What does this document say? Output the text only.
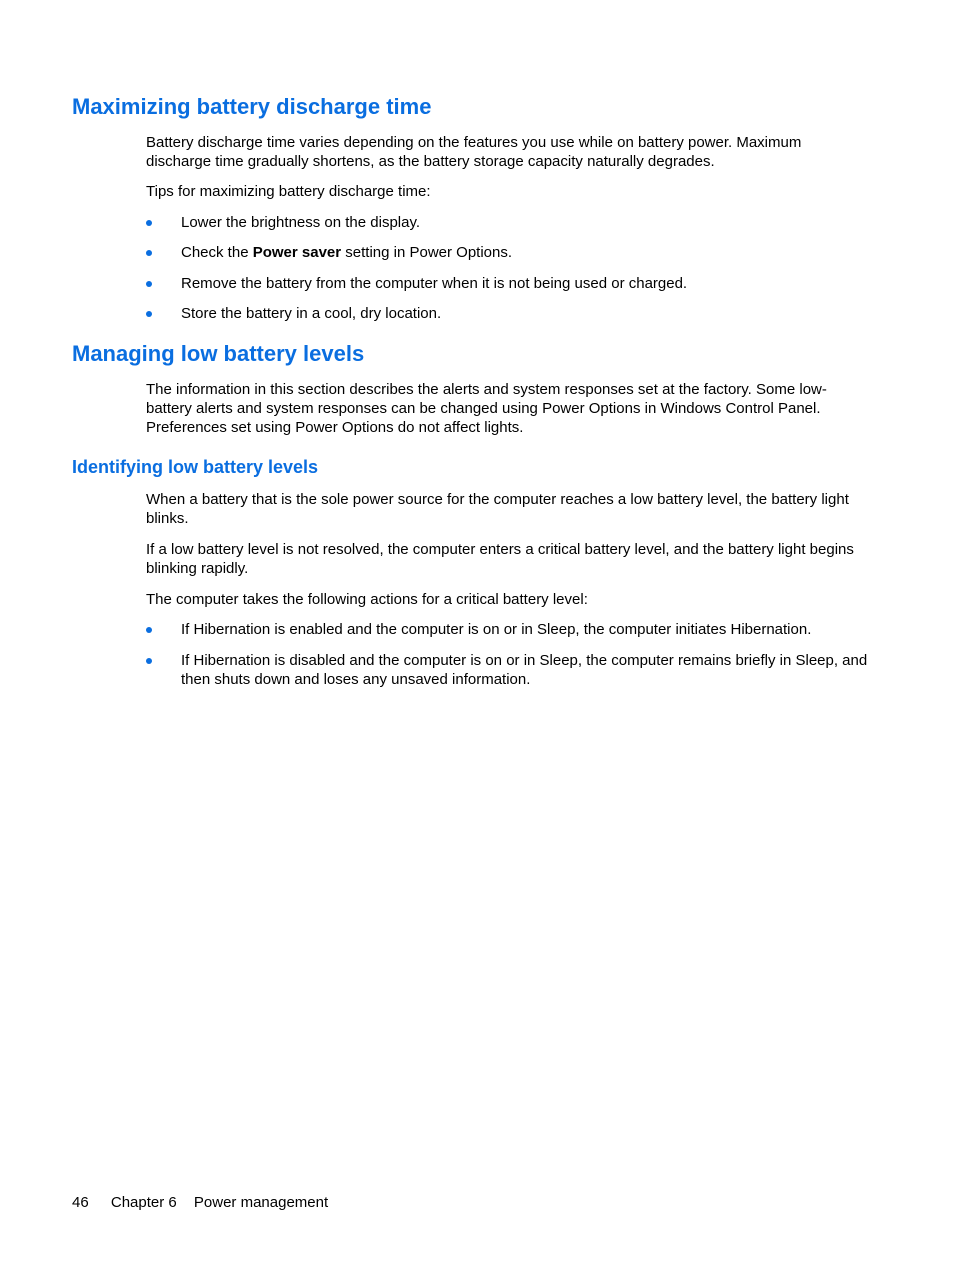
Maximizing battery discharge time

Battery discharge time varies depending on the features you use while on battery power. Maximum discharge time gradually shortens, as the battery storage capacity naturally degrades.

Tips for maximizing battery discharge time:

Lower the brightness on the display.
Check the Power saver setting in Power Options.
Remove the battery from the computer when it is not being used or charged.
Store the battery in a cool, dry location.
Managing low battery levels

The information in this section describes the alerts and system responses set at the factory. Some low-battery alerts and system responses can be changed using Power Options in Windows Control Panel. Preferences set using Power Options do not affect lights.

Identifying low battery levels

When a battery that is the sole power source for the computer reaches a low battery level, the battery light blinks.

If a low battery level is not resolved, the computer enters a critical battery level, and the battery light begins blinking rapidly.

The computer takes the following actions for a critical battery level:

If Hibernation is enabled and the computer is on or in Sleep, the computer initiates Hibernation.
If Hibernation is disabled and the computer is on or in Sleep, the computer remains briefly in Sleep, and then shuts down and loses any unsaved information.
46 Chapter 6 Power management
